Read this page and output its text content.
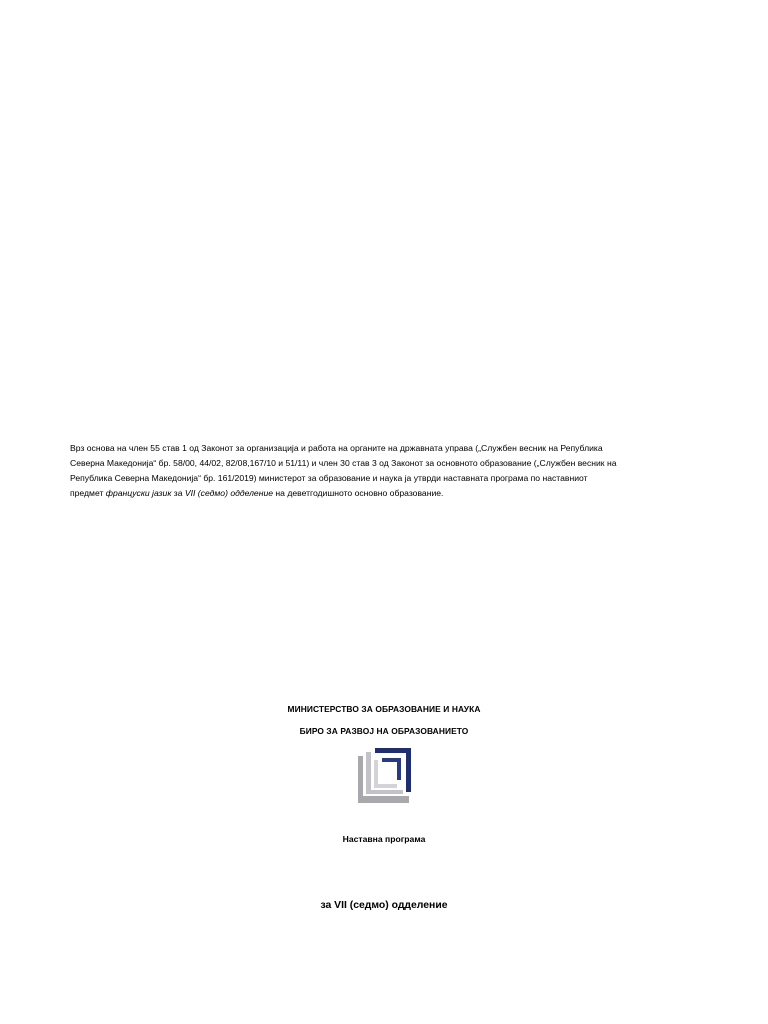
Врз основа на член 55 став 1 од Законот за организација и работа на органите на државната управа („Службен весник на Република
Северна Македонија“ бр. 58/00, 44/02, 82/08,167/10 и 51/11) и член 30 став 3 од Законот за основното образование („Службен весник на
Република Северна Македонија“ бр. 161/2019) министерот за образование и наука ја утврди наставната програма по наставниот
предмет француски јазик за VII (седмо) одделение на деветгодишното основно образование.
МИНИСТЕРСТВО ЗА ОБРАЗОВАНИЕ И НАУКА
БИРО ЗА РАЗВОЈ НА ОБРАЗОВАНИЕТО
Наставна програма
за VII (седмо) одделение
